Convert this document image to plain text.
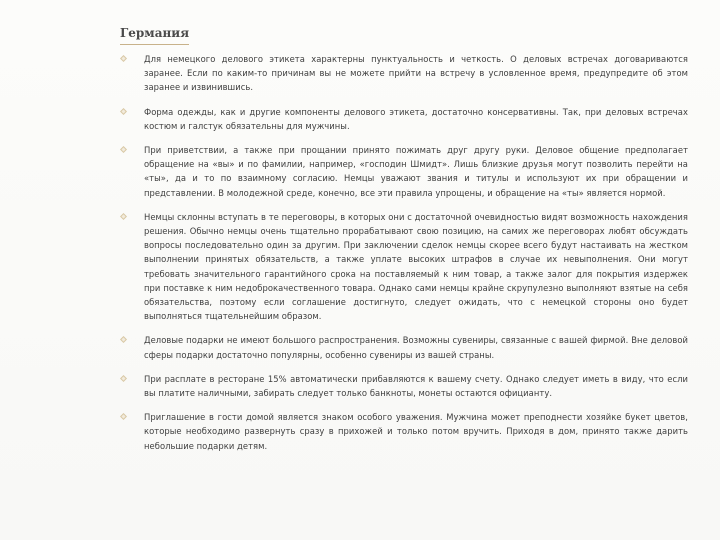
Германия
Для немецкого делового этикета характерны пунктуальность и четкость. О деловых встречах договариваются заранее. Если по каким-то причинам вы не можете прийти на встречу в условленное время, предупредите об этом заранее и извинившись.
Форма одежды, как и другие компоненты делового этикета, достаточно консервативны. Так, при деловых встречах костюм и галстук обязательны для мужчины.
При приветствии, а также при прощании принято пожимать друг другу руки. Деловое общение предполагает обращение на «вы» и по фамилии, например, «господин Шмидт». Лишь близкие друзья могут позволить перейти на «ты», да и то по взаимному согласию. Немцы уважают звания и титулы и используют их при обращении и представлении. В молодежной среде, конечно, все эти правила упрощены, и обращение на «ты» является нормой.
Немцы склонны вступать в те переговоры, в которых они с достаточной очевидностью видят возможность нахождения решения. Обычно немцы очень тщательно прорабатывают свою позицию, на самих же переговорах любят обсуждать вопросы последовательно один за другим. При заключении сделок немцы скорее всего будут настаивать на жестком выполнении принятых обязательств, а также уплате высоких штрафов в случае их невыполнения. Они могут требовать значительного гарантийного срока на поставляемый к ним товар, а также залог для покрытия издержек при поставке к ним недоброкачественного товара. Однако сами немцы крайне скрупулезно выполняют взятые на себя обязательства, поэтому если соглашение достигнуто, следует ожидать, что с немецкой стороны оно будет выполняться тщательнейшим образом.
Деловые подарки не имеют большого распространения. Возможны сувениры, связанные с вашей фирмой. Вне деловой сферы подарки достаточно популярны, особенно сувениры из вашей страны.
При расплате в ресторане 15% автоматически прибавляются к вашему счету. Однако следует иметь в виду, что если вы платите наличными, забирать следует только банкноты, монеты остаются официанту.
Приглашение в гости домой является знаком особого уважения. Мужчина может преподнести хозяйке букет цветов, которые необходимо развернуть сразу в прихожей и только потом вручить. Приходя в дом, принято также дарить небольшие подарки детям.
